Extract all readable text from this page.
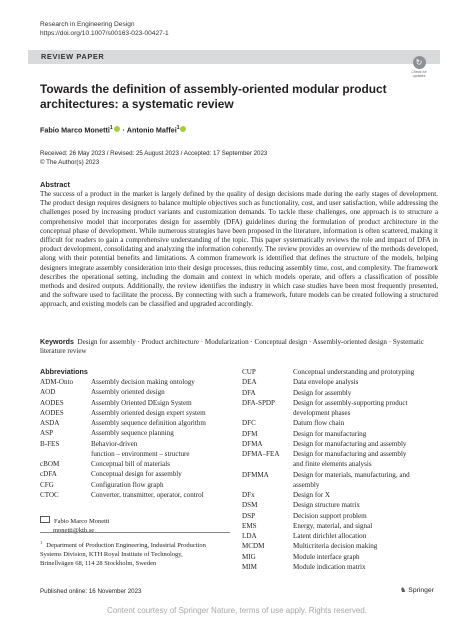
Research in Engineering Design
https://doi.org/10.1007/s00163-023-00427-1
REVIEW PAPER
↻
Check for updates
Towards the definition of assembly-oriented modular product architectures: a systematic review
Fabio Marco Monetti$^1$ · Antonio Maffei$^1$
Received: 26 May 2023 / Revised: 25 August 2023 / Accepted: 17 September 2023
© The Author(s) 2023
Abstract
The success of a product in the market is largely defined by the quality of design decisions made during the early stages of development. The product design requires designers to balance multiple objectives such as functionality, cost, and user satisfaction, while addressing the challenges posed by increasing product variants and customization demands. To tackle these challenges, one approach is to structure a comprehensive model that incorporates design for assembly (DFA) guidelines during the formulation of product architecture in the conceptual phase of development. While numerous strategies have been proposed in the literature, information is often scattered, making it difficult for readers to gain a comprehensive understanding of the topic. This paper systematically reviews the role and impact of DFA in product development, consolidating and analyzing the information coherently. The review provides an overview of the methods developed, along with their potential benefits and limitations. A common framework is identified that defines the structure of the models, helping designers integrate assembly consideration into their design processes, thus reducing assembly time, cost, and complexity. The framework describes the operational setting, including the domain and context in which models operate, and offers a classification of possible methods and desired outputs. Additionally, the review identifies the industry in which case studies have been most frequently presented, and the software used to facilitate the process. By connecting with such a framework, future models can be created following a structured approach, and existing models can be classified and upgraded accordingly.
Keywords Design for assembly · Product architecture · Modularization · Conceptual design · Assembly-oriented design · Systematic literature review
Abbreviations
ADM-Onto	Assembly decision making ontology
AOD	Assembly oriented design
AODES	Assembly Oriented DEsign System
AODES	Assembly oriented design expert system
ASDA	Assembly sequence definition algorithm
ASP	Assembly sequence planning
B-FES	Behavior-driven
function – environment – structure
cBOM	Conceptual bill of materials
cDFA	Conceptual design for assembly
CFG	Configuration flow graph
CTOC	Converter, transmitter, operator, control
CUP	Conceptual understanding and prototyping
DEA	Data envelope analysis
DFA	Design for assembly
DFA-SPDP	Design for assembly-supporting product
development phases
DFC	Datum flow chain
DFM	Design for manufacturing
DFMA	Design for manufacturing and assembly
DFMA–FEA	Design for manufacturing and assembly
and finite elements analysis
DFMMA	Design for materials, manufacturing, and
assembly
DFx	Design for X
DSM	Design structure matrix
DSP	Decision support problem
EMS	Energy, material, and signal
LDA	Latent dirichlet allocation
MCDM	Multicriteria decision making
MIG	Module interface graph
MIM	Module indication matrix
Fabio Marco Monetti
monetti@kth.se
$^1$ Department of Production Engineering, Industrial Production Systems Division, KTH Royal Institute of Technology, Brinellvägen 68, 114 28 Stockholm, Sweden
Published online: 16 November 2023	♞ Springer
Content courtesy of Springer Nature, terms of use apply. Rights reserved.
